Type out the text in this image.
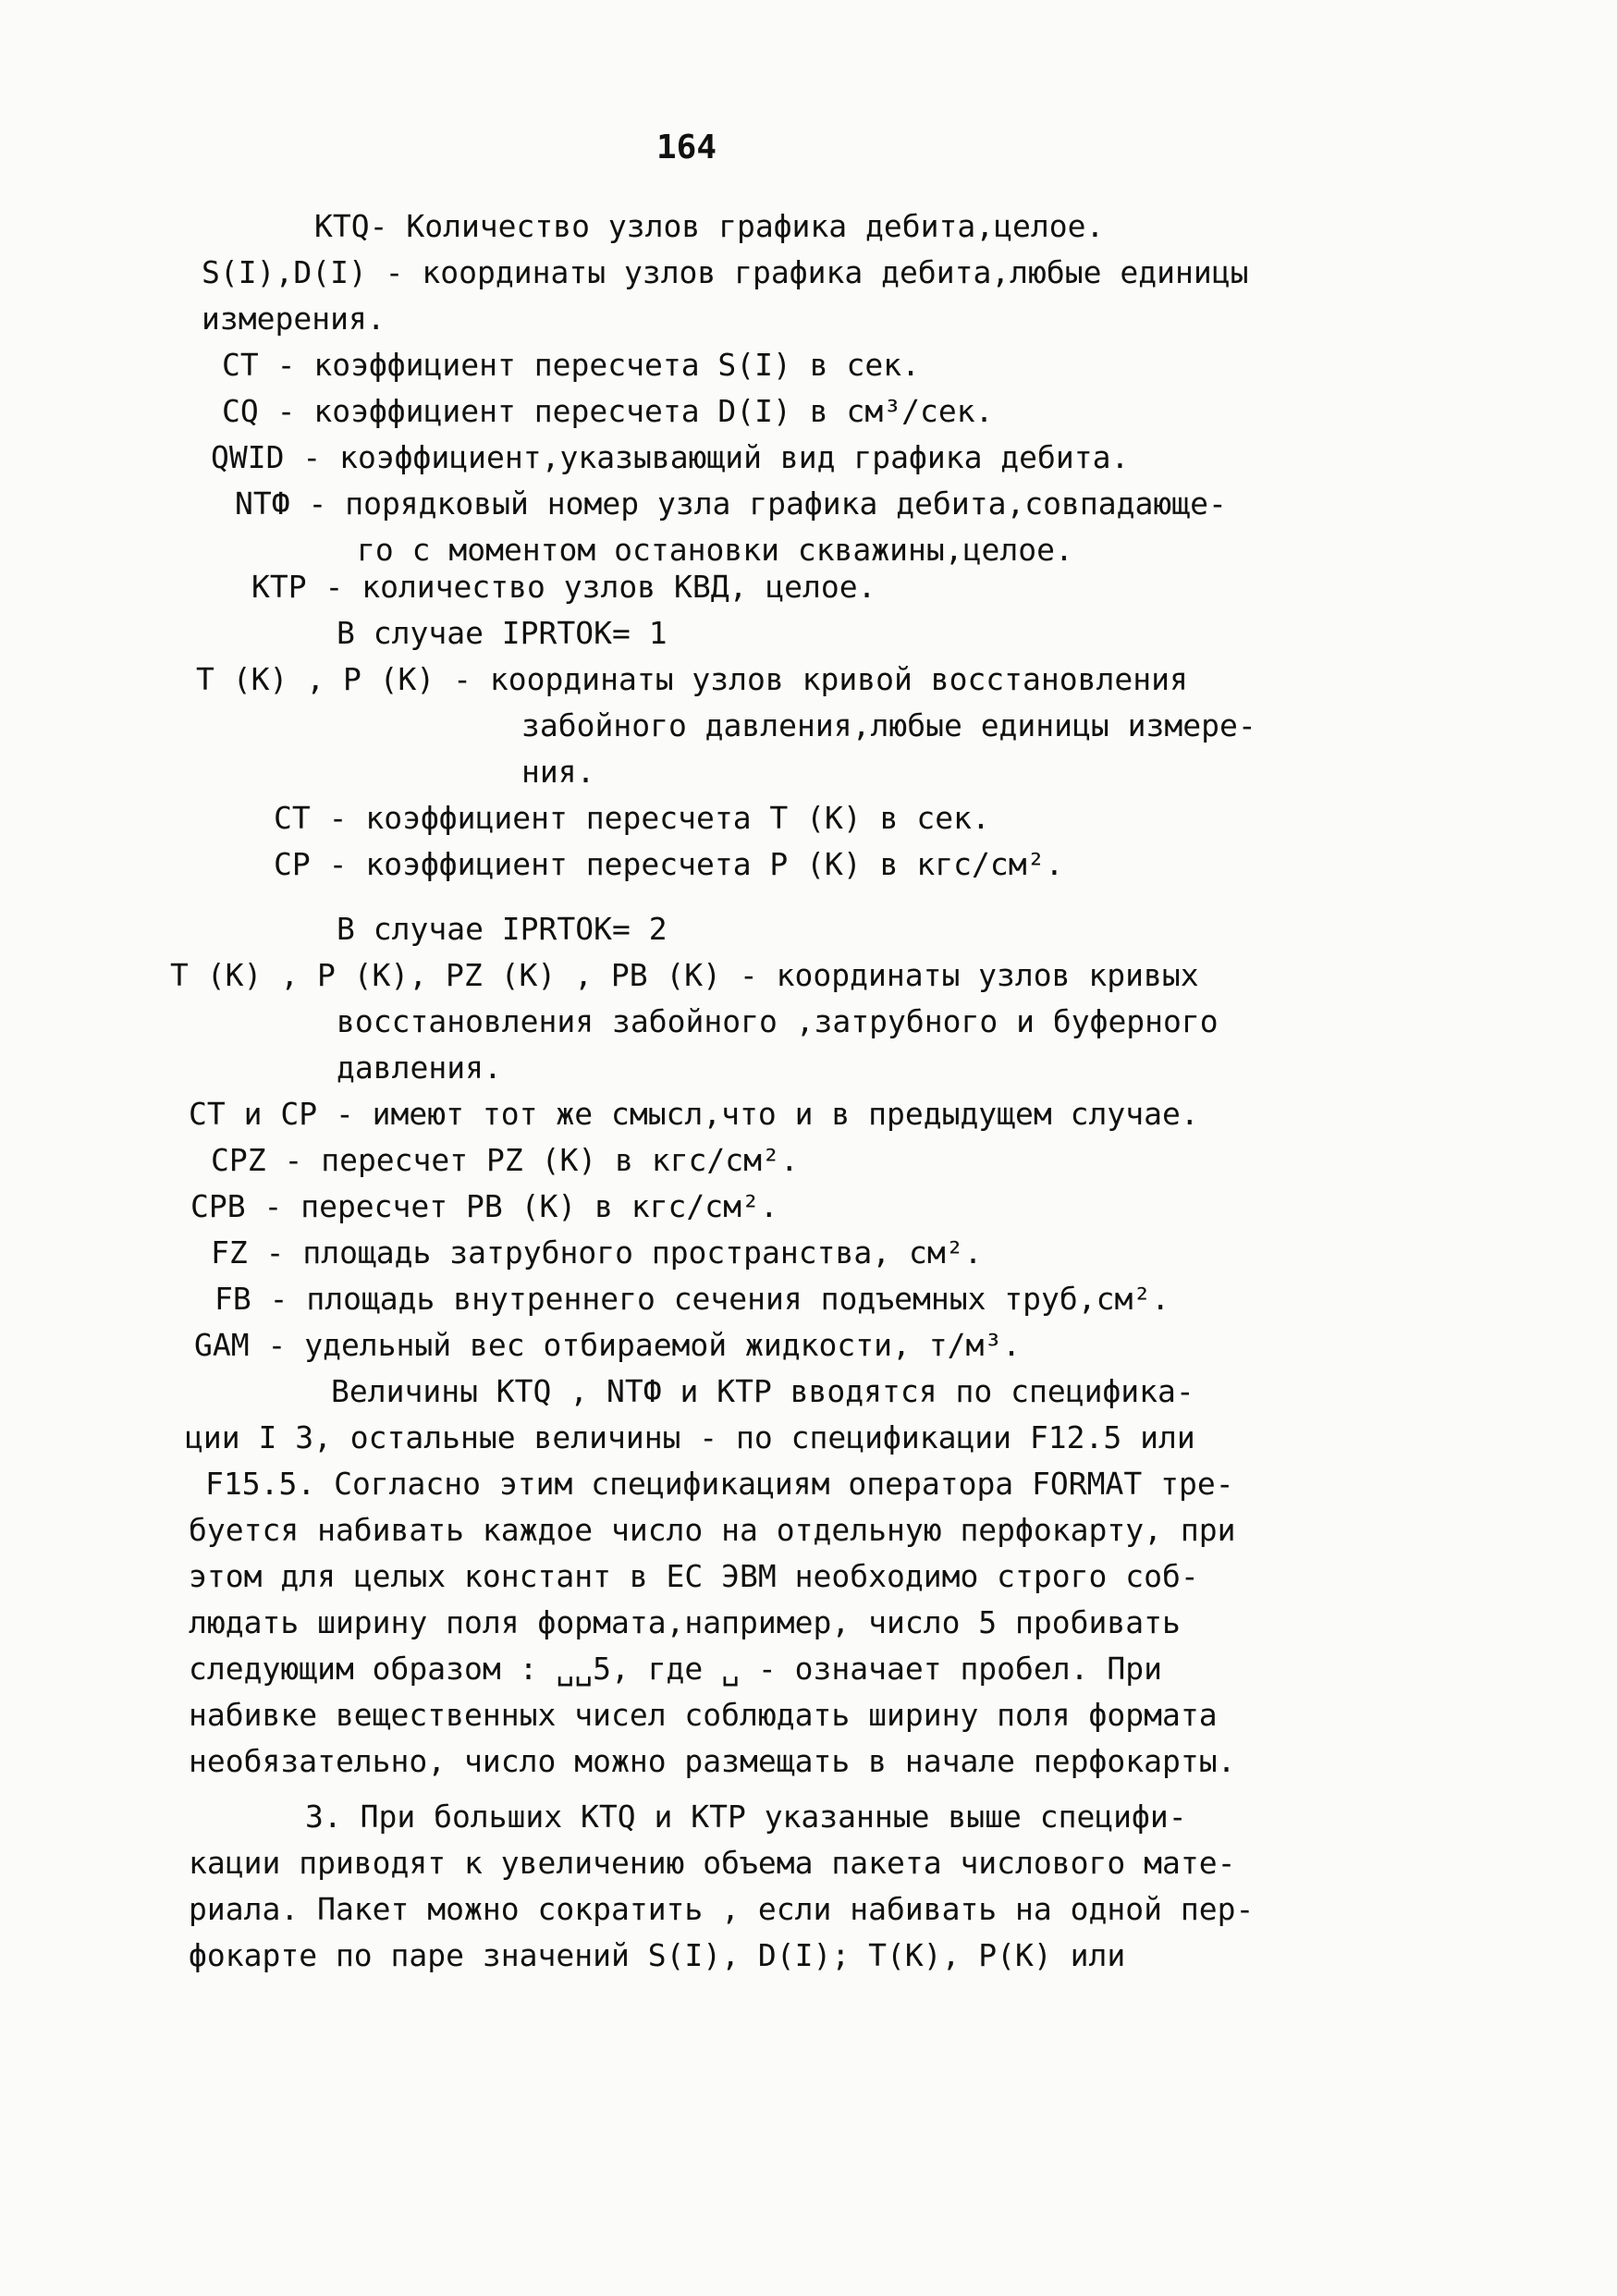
164
KTQ- Количество узлов графика дебита,целое.
S(I),D(I) - координаты узлов графика дебита,любые единицы
измерения.
CT - коэффициент пересчета S(I) в сек.
CQ - коэффициент пересчета D(I) в см³/сек.
QWID - коэффициент,указывающий вид графика дебита.
NTФ - порядковый номер узла графика дебита,совпадающе-
го с моментом остановки скважины,целое.
KTP - количество узлов KBД, целое.
В случае IPRTOK= 1
T (K) , P (K) - координаты узлов кривой восстановления
забойного давления,любые единицы измере-
ния.
CT - коэффициент пересчета T (K) в сек.
CP - коэффициент пересчета P (K) в кгс/см².
В случае IPRTOK= 2
T (K) , P (K), PZ (K) , PB (K) - координаты узлов кривых
восстановления забойного ,затрубного и буферного
давления.
CT и CP - имеют тот же смысл,что и в предыдущем случае.
CPZ - пересчет PZ (K) в кгс/см².
CPB - пересчет PB (K) в кгс/см².
FZ - площадь затрубного пространства, см².
FB - площадь внутреннего сечения подъемных труб,см².
GAM - удельный вес отбираемой жидкости, т/м³.
Величины KTQ , NTФ и KTP вводятся по специфика-
ции I 3, остальные величины - по спецификации F12.5 или
F15.5. Согласно этим спецификациям оператора FORMAT тре-
буется набивать каждое число на отдельную перфокарту, при
этом для целых констант в ЕС ЭВМ необходимо строго соб-
людать ширину поля формата,например, число 5 пробивать
следующим образом : ␣␣5, где ␣ - означает пробел. При
набивке вещественных чисел соблюдать ширину поля формата
необязательно, число можно размещать в начале перфокарты.
3. При больших KTQ и KTP указанные выше специфи-
кации приводят к увеличению объема пакета числового мате-
риала. Пакет можно сократить , если набивать на одной пер-
фокарте по паре значений S(I), D(I); T(K), P(K) или
